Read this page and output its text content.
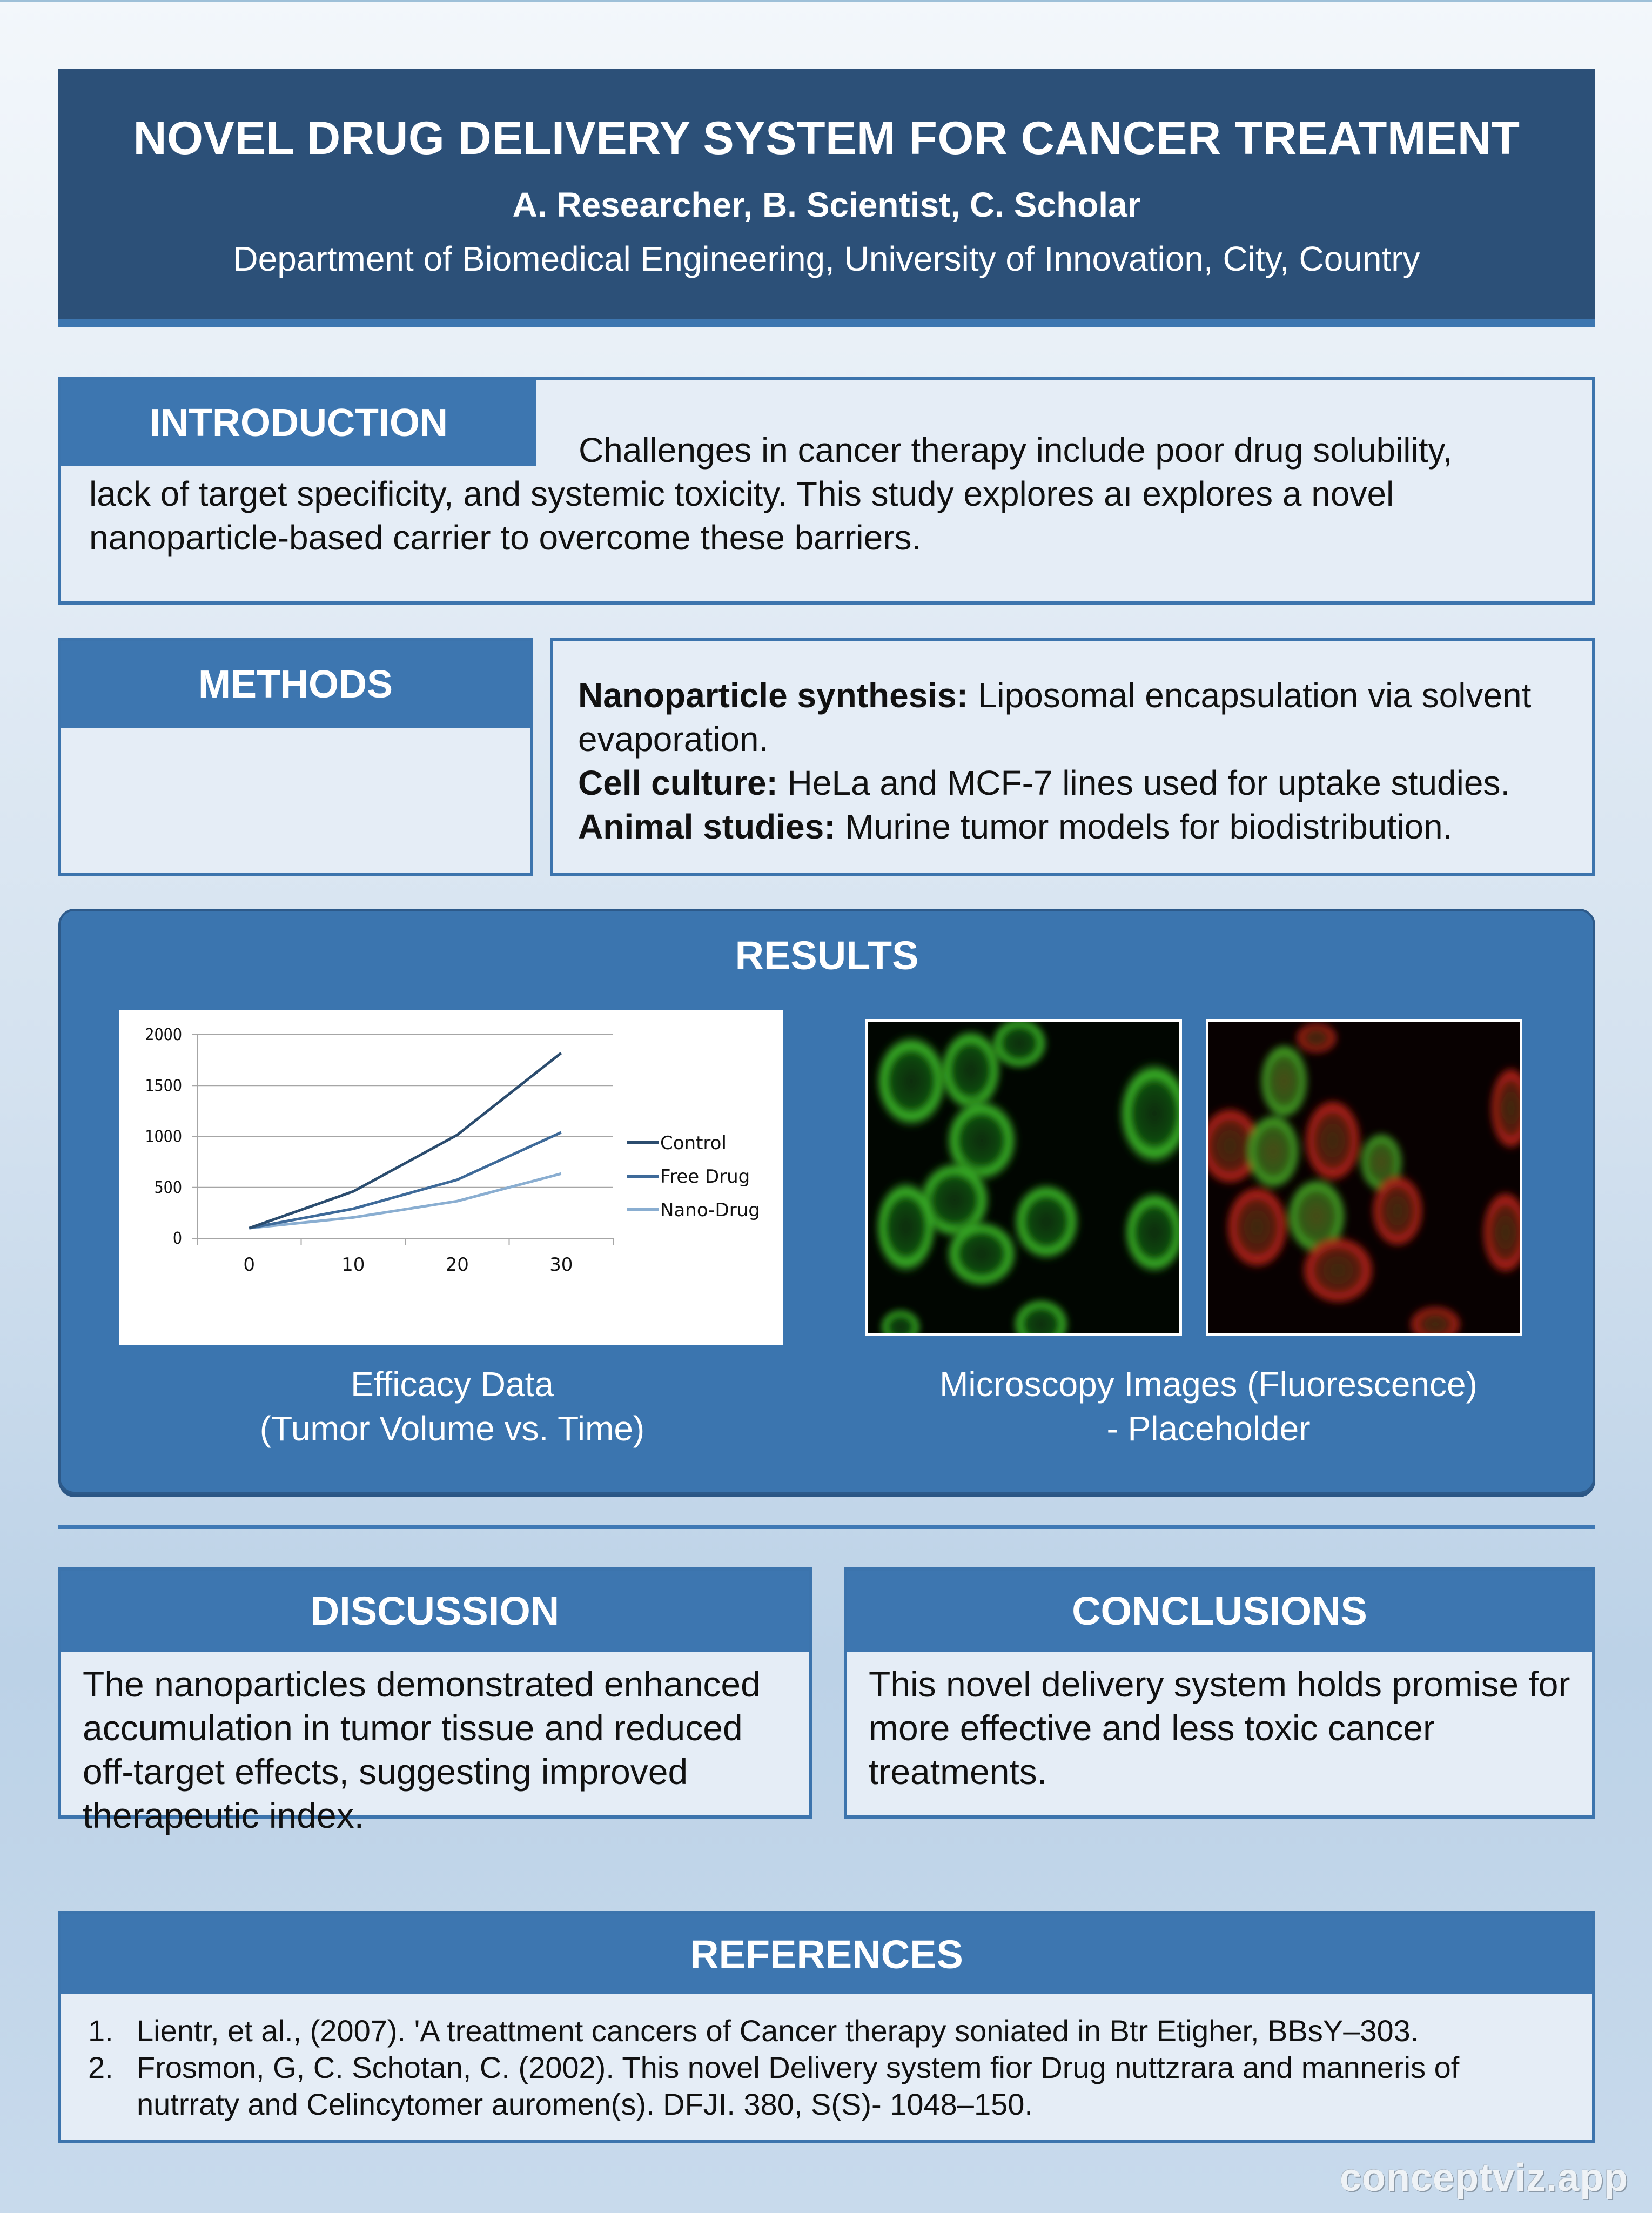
NOVEL DRUG DELIVERY SYSTEM FOR CANCER TREATMENT
A. Researcher, B. Scientist, C. Scholar
Department of Biomedical Engineering, University of Innovation, City, Country
INTRODUCTION
Challenges in cancer therapy include poor drug solubility,
lack of target specificity, and systemic toxicity. This study explores aı explores a novel nanoparticle-based carrier to overcome these barriers.
METHODS	Nanoparticle synthesis: Liposomal encapsulation via solvent evaporation.

Cell culture: HeLa and MCF-7 lines used for uptake studies.

Animal studies: Murine tumor models for biodistribution.

RESULTS
0
500
1000
1500
2000
0	10	20	30
Control
Free Drug
Nano-Drug
Efficacy Data
(Tumor Volume vs. Time)
Microscopy Images (Fluorescence)
- Placeholder
DISCUSSION
The nanoparticles demonstrated enhanced accumulation in tumor tissue and reduced off-target effects, suggesting improved therapeutic index.
CONCLUSIONS
This novel delivery system holds promise for more effective and less toxic cancer treatments.
REFERENCES
1. Lientr, et al., (2007). 'A treattment cancers of Cancer therapy soniated in Btr Etigher, BBsY–303.
2. Frosmon, G, C. Schotan, C. (2002). This novel Delivery system fior Drug nuttzrara and manneris of nutrraty and Celincytomer auromen(s). DFJI. 380, S(S)- 1048–150.
conceptviz.app
